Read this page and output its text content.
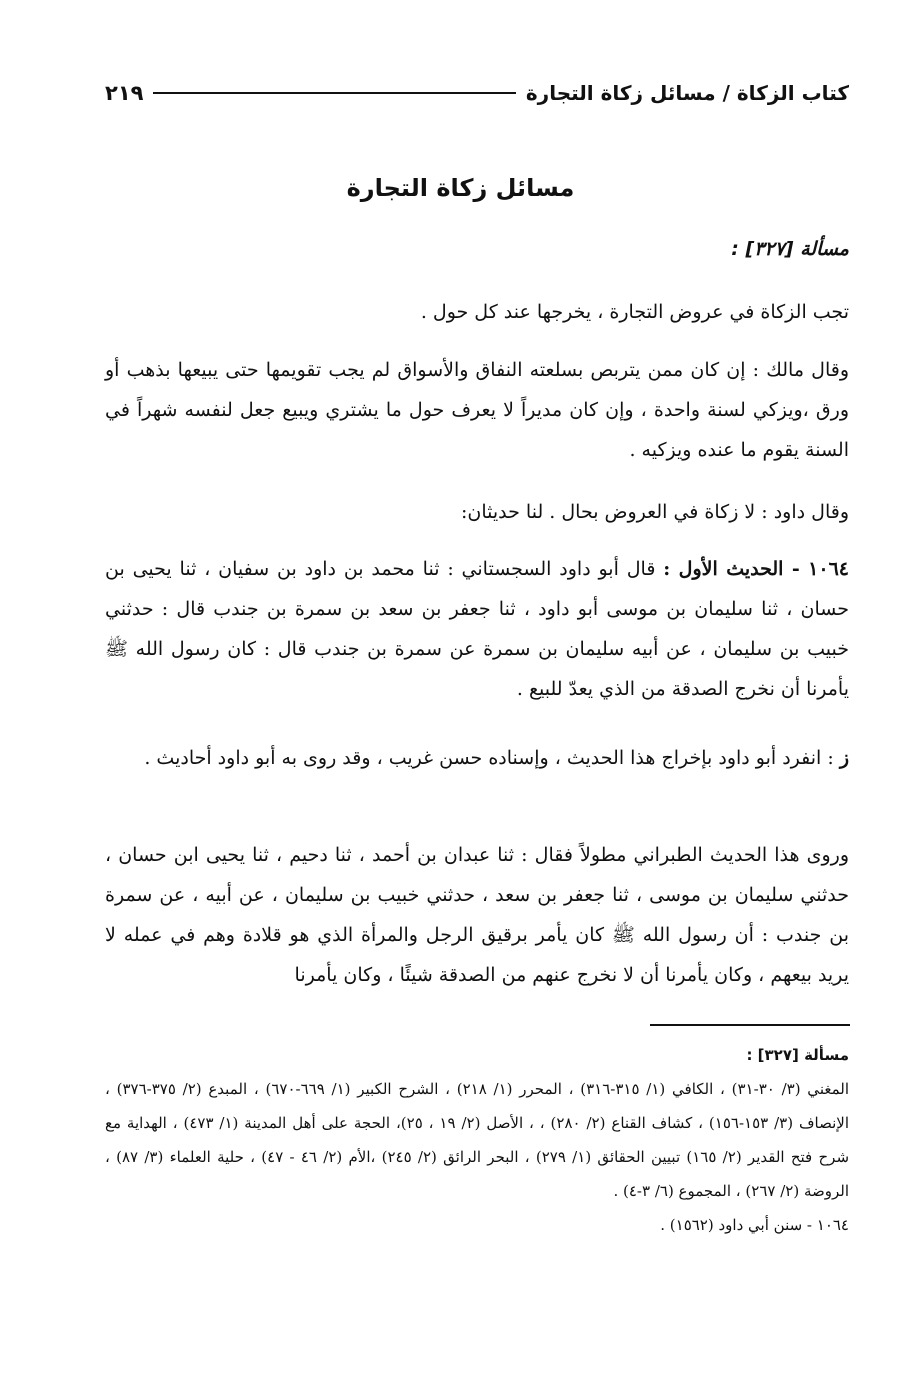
كتاب الزكاة / مسائل زكاة التجارة
٢١٩
مسائل زكاة التجارة
مسألة [٣٢٧] :

تجب الزكاة في عروض التجارة ، يخرجها عند كل حول .

وقال مالك : إن كان ممن يتربص بسلعته النفاق والأسواق لم يجب تقويمها حتى يبيعها بذهب أو ورق ،ويزكي لسنة واحدة ، وإن كان مديراً لا يعرف حول ما يشتري ويبيع جعل لنفسه شهراً في السنة يقوم ما عنده ويزكيه .

وقال داود : لا زكاة في العروض بحال . لنا حديثان:

١٠٦٤ - الحديث الأول : قال أبو داود السجستاني : ثنا محمد بن داود بن سفيان ، ثنا يحيى بن حسان ، ثنا سليمان بن موسى أبو داود ، ثنا جعفر بن سعد بن سمرة بن جندب قال : حدثني خبيب بن سليمان ، عن أبيه سليمان بن سمرة عن سمرة بن جندب قال : كان رسول الله ﷺ يأمرنا أن نخرج الصدقة من الذي يعدّ للبيع .

ز : انفرد أبو داود بإخراج هذا الحديث ، وإسناده حسن غريب ، وقد روى به أبو داود أحاديث .

وروى هذا الحديث الطبراني مطولاً فقال : ثنا عبدان بن أحمد ، ثنا دحيم ، ثنا يحيى ابن حسان ، حدثني سليمان بن موسى ، ثنا جعفر بن سعد ، حدثني خبيب بن سليمان ، عن أبيه ، عن سمرة بن جندب : أن رسول الله ﷺ كان يأمر برقيق الرجل والمرأة الذي هو قلادة وهم في عمله لا يريد بيعهم ، وكان يأمرنا أن لا نخرج عنهم من الصدقة شيئًا ، وكان يأمرنا

مسألة [٣٢٧] :
المغني (٣/ ٣٠-٣١) ، الكافي (١/ ٣١٥-٣١٦) ، المحرر (١/ ٢١٨) ، الشرح الكبير (١/ ٦٦٩-٦٧٠) ، المبدع (٢/ ٣٧٥-٣٧٦) ، الإنصاف (٣/ ١٥٣-١٥٦) ، كشاف القناع (٢/ ٢٨٠) ، ، الأصل (٢/ ١٩ ، ٢٥)، الحجة على أهل المدينة (١/ ٤٧٣) ، الهداية مع شرح فتح القدير (٢/ ١٦٥) تبيين الحقائق (١/ ٢٧٩) ، البحر الرائق (٢/ ٢٤٥) ،الأم (٢/ ٤٦ - ٤٧) ، حلية العلماء (٣/ ٨٧) ، الروضة (٢/ ٢٦٧) ، المجموع (٦/ ٣-٤) .
١٠٦٤ - سنن أبي داود (١٥٦٢) .
